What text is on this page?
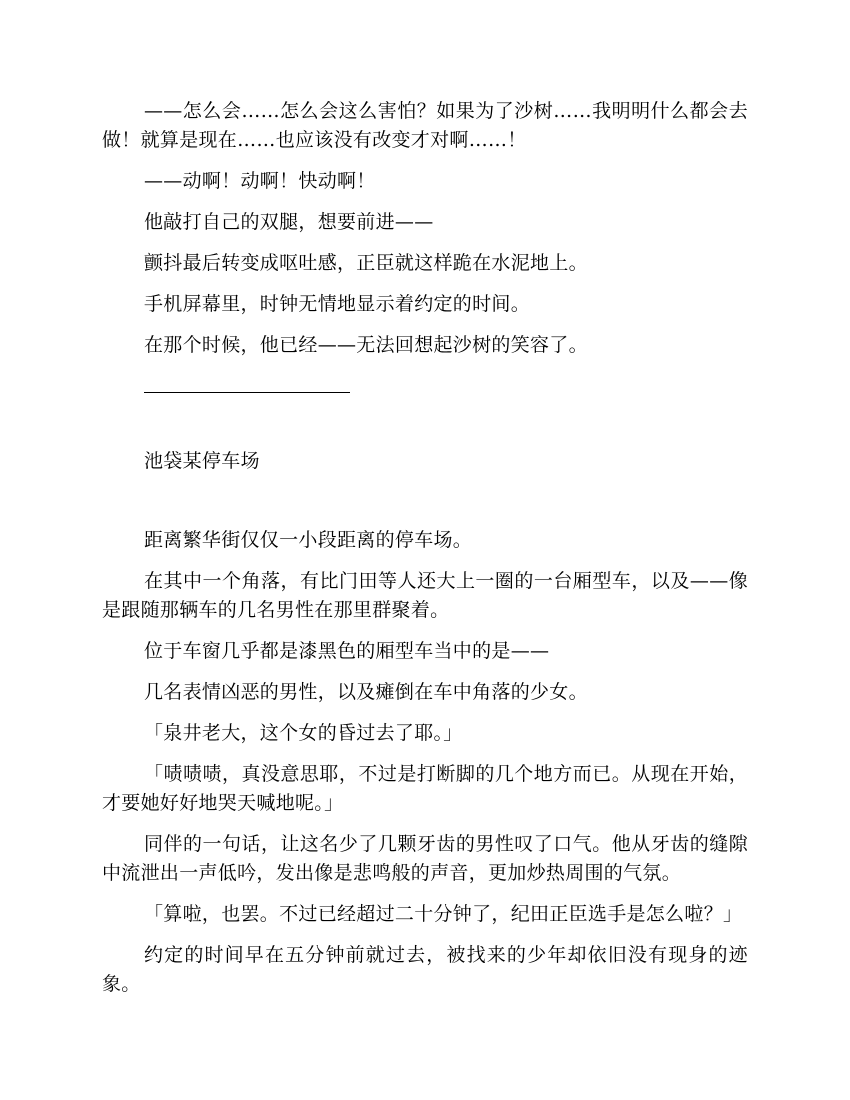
——怎么会……怎么会这么害怕？如果为了沙树……我明明什么都会去做！就算是现在……也应该没有改变才对啊……！

——动啊！动啊！快动啊！

他敲打自己的双腿，想要前进——

颤抖最后转变成呕吐感，正臣就这样跪在水泥地上。

手机屏幕里，时钟无情地显示着约定的时间。

在那个时候，他已经——无法回想起沙树的笑容了。

池袋某停车场

距离繁华街仅仅一小段距离的停车场。

在其中一个角落，有比门田等人还大上一圈的一台厢型车，以及——像是跟随那辆车的几名男性在那里群聚着。

位于车窗几乎都是漆黑色的厢型车当中的是——

几名表情凶恶的男性，以及瘫倒在车中角落的少女。

「泉井老大，这个女的昏过去了耶。」

「啧啧啧，真没意思耶，不过是打断脚的几个地方而已。从现在开始，才要她好好地哭天喊地呢。」

同伴的一句话，让这名少了几颗牙齿的男性叹了口气。他从牙齿的缝隙中流泄出一声低吟，发出像是悲鸣般的声音，更加炒热周围的气氛。

「算啦，也罢。不过已经超过二十分钟了，纪田正臣选手是怎么啦？」

约定的时间早在五分钟前就过去，被找来的少年却依旧没有现身的迹象。
